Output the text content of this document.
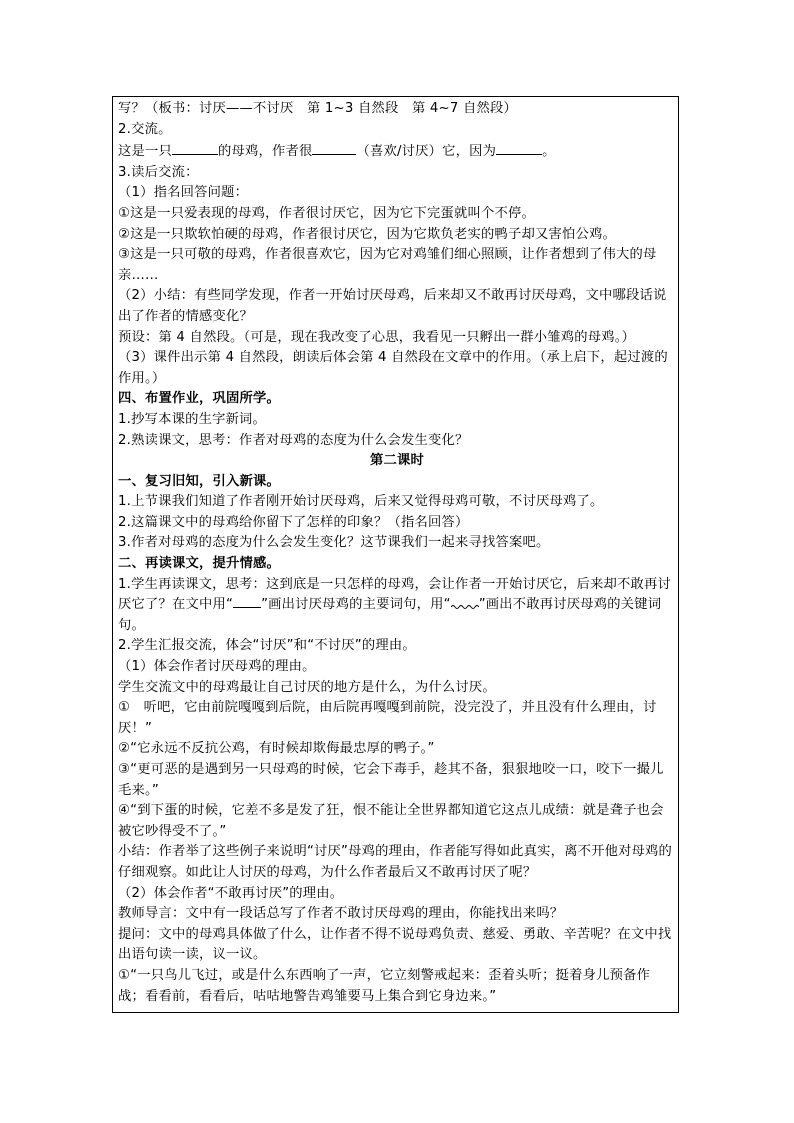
写？（板书：讨厌——不讨厌　第 1~3 自然段　第 4~7 自然段）

2.交流。

这是一只	的母鸡，作者很	（喜欢/讨厌）它，因为	。

3.读后交流：

（1）指名回答问题：

①这是一只爱表现的母鸡，作者很讨厌它，因为它下完蛋就叫个不停。

②这是一只欺软怕硬的母鸡，作者很讨厌它，因为它欺负老实的鸭子却又害怕公鸡。

③这是一只可敬的母鸡，作者很喜欢它，因为它对鸡雏们细心照顾，让作者想到了伟大的母亲……

（2）小结：有些同学发现，作者一开始讨厌母鸡，后来却又不敢再讨厌母鸡，文中哪段话说出了作者的情感变化？

预设：第 4 自然段。（可是，现在我改变了心思，我看见一只孵出一群小雏鸡的母鸡。）

（3）课件出示第 4 自然段，朗读后体会第 4 自然段在文章中的作用。（承上启下，起过渡的作用。）

四、布置作业，巩固所学。

1.抄写本课的生字新词。

2.熟读课文，思考：作者对母鸡的态度为什么会发生变化？

第二课时

一、复习旧知，引入新课。

1.上节课我们知道了作者刚开始讨厌母鸡，后来又觉得母鸡可敬，不讨厌母鸡了。

2.这篇课文中的母鸡给你留下了怎样的印象？（指名回答）

3.作者对母鸡的态度为什么会发生变化？这节课我们一起来寻找答案吧。

二、再读课文，提升情感。

1.学生再读课文，思考：这到底是一只怎样的母鸡，会让作者一开始讨厌它，后来却不敢再讨厌它了？在文中用“ ”画出讨厌母鸡的主要词句，用“ ”画出不敢再讨厌母鸡的关键词句。

2.学生汇报交流，体会“讨厌”和“不讨厌”的理由。

（1）体会作者讨厌母鸡的理由。

学生交流文中的母鸡最让自己讨厌的地方是什么，为什么讨厌。

①　听吧，它由前院嘎嘎到后院，由后院再嘎嘎到前院，没完没了，并且没有什么理由，讨厌！”

②“它永远不反抗公鸡，有时候却欺侮最忠厚的鸭子。”

③“更可恶的是遇到另一只母鸡的时候，它会下毒手，趁其不备，狠狠地咬一口，咬下一撮儿毛来。”

④“到下蛋的时候，它差不多是发了狂，恨不能让全世界都知道它这点儿成绩：就是聋子也会被它吵得受不了。”

小结：作者举了这些例子来说明“讨厌”母鸡的理由，作者能写得如此真实，离不开他对母鸡的仔细观察。如此让人讨厌的母鸡，为什么作者最后又不敢再讨厌了呢？

（2）体会作者“不敢再讨厌”的理由。

教师导言：文中有一段话总写了作者不敢讨厌母鸡的理由，你能找出来吗？

提问：文中的母鸡具体做了什么，让作者不得不说母鸡负责、慈爱、勇敢、辛苦呢？在文中找出语句读一读，议一议。

①“一只鸟儿飞过，或是什么东西响了一声，它立刻警戒起来：歪着头听；挺着身儿预备作战；看看前，看看后，咕咕地警告鸡雏要马上集合到它身边来。”
